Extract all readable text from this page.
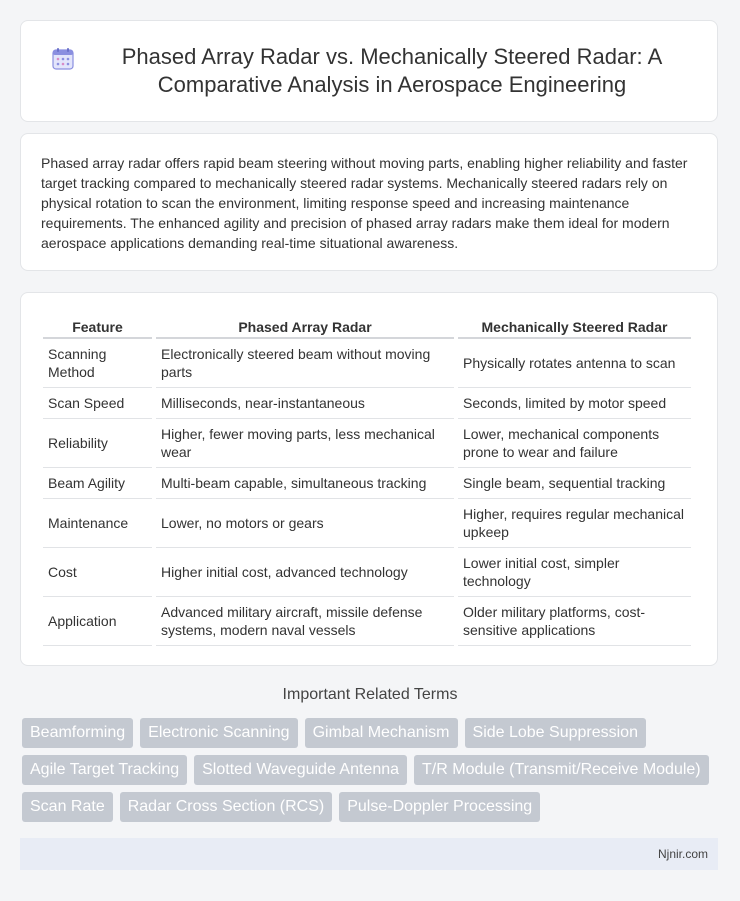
Phased Array Radar vs. Mechanically Steered Radar: A Comparative Analysis in Aerospace Engineering

Phased array radar offers rapid beam steering without moving parts, enabling higher reliability and faster target tracking compared to mechanically steered radar systems. Mechanically steered radars rely on physical rotation to scan the environment, limiting response speed and increasing maintenance requirements. The enhanced agility and precision of phased array radars make them ideal for modern aerospace applications demanding real-time situational awareness.

Feature	Phased Array Radar	Mechanically Steered Radar
Scanning Method	Electronically steered beam without moving parts	Physically rotates antenna to scan
Scan Speed	Milliseconds, near-instantaneous	Seconds, limited by motor speed
Reliability	Higher, fewer moving parts, less mechanical wear	Lower, mechanical components prone to wear and failure
Beam Agility	Multi-beam capable, simultaneous tracking	Single beam, sequential tracking
Maintenance	Lower, no motors or gears	Higher, requires regular mechanical upkeep
Cost	Higher initial cost, advanced technology	Lower initial cost, simpler technology
Application	Advanced military aircraft, missile defense systems, modern naval vessels	Older military platforms, cost-sensitive applications
Important Related Terms
Beamforming	Electronic Scanning	Gimbal Mechanism	Side Lobe Suppression
Agile Target Tracking	Slotted Waveguide Antenna	T/R Module (Transmit/Receive Module)
Scan Rate	Radar Cross Section (RCS)	Pulse-Doppler Processing
Njnir.com
